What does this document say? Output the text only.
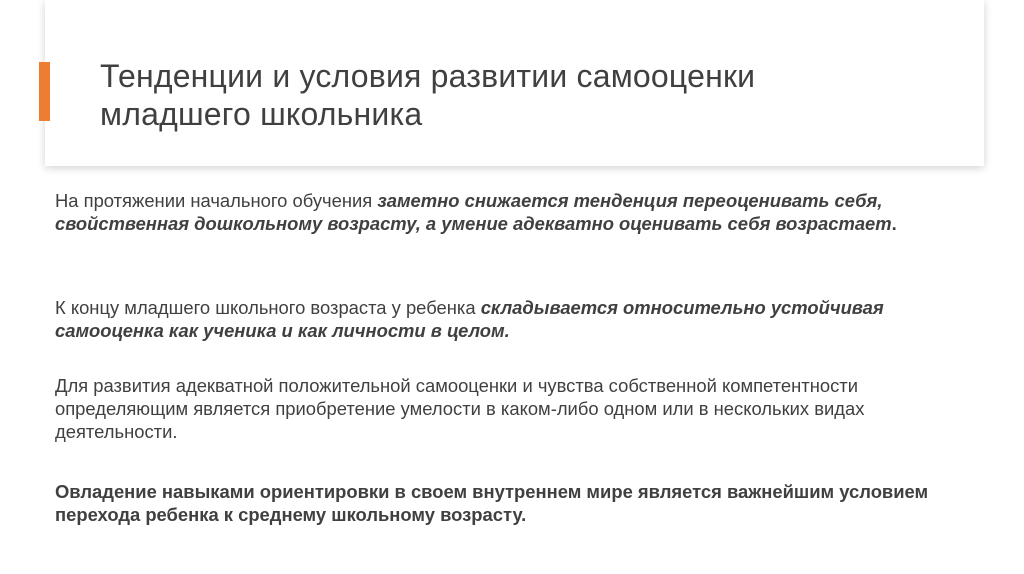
Тенденции и условия развитии самооценки
младшего школьника

На протяжении начального обучения заметно снижается тенденция переоценивать себя, свойственная дошкольному возрасту, а умение адекватно оценивать себя возрастает.

К концу младшего школьного возраста у ребенка складывается относительно устойчивая самооценка как ученика и как личности в целом.

Для развития адекватной положительной самооценки и чувства собственной компетентности определяющим является приобретение умелости в каком-либо одном или в нескольких видах деятельности.

Овладение навыками ориентировки в своем внутреннем мире является важнейшим условием перехода ребенка к среднему школьному возрасту.
